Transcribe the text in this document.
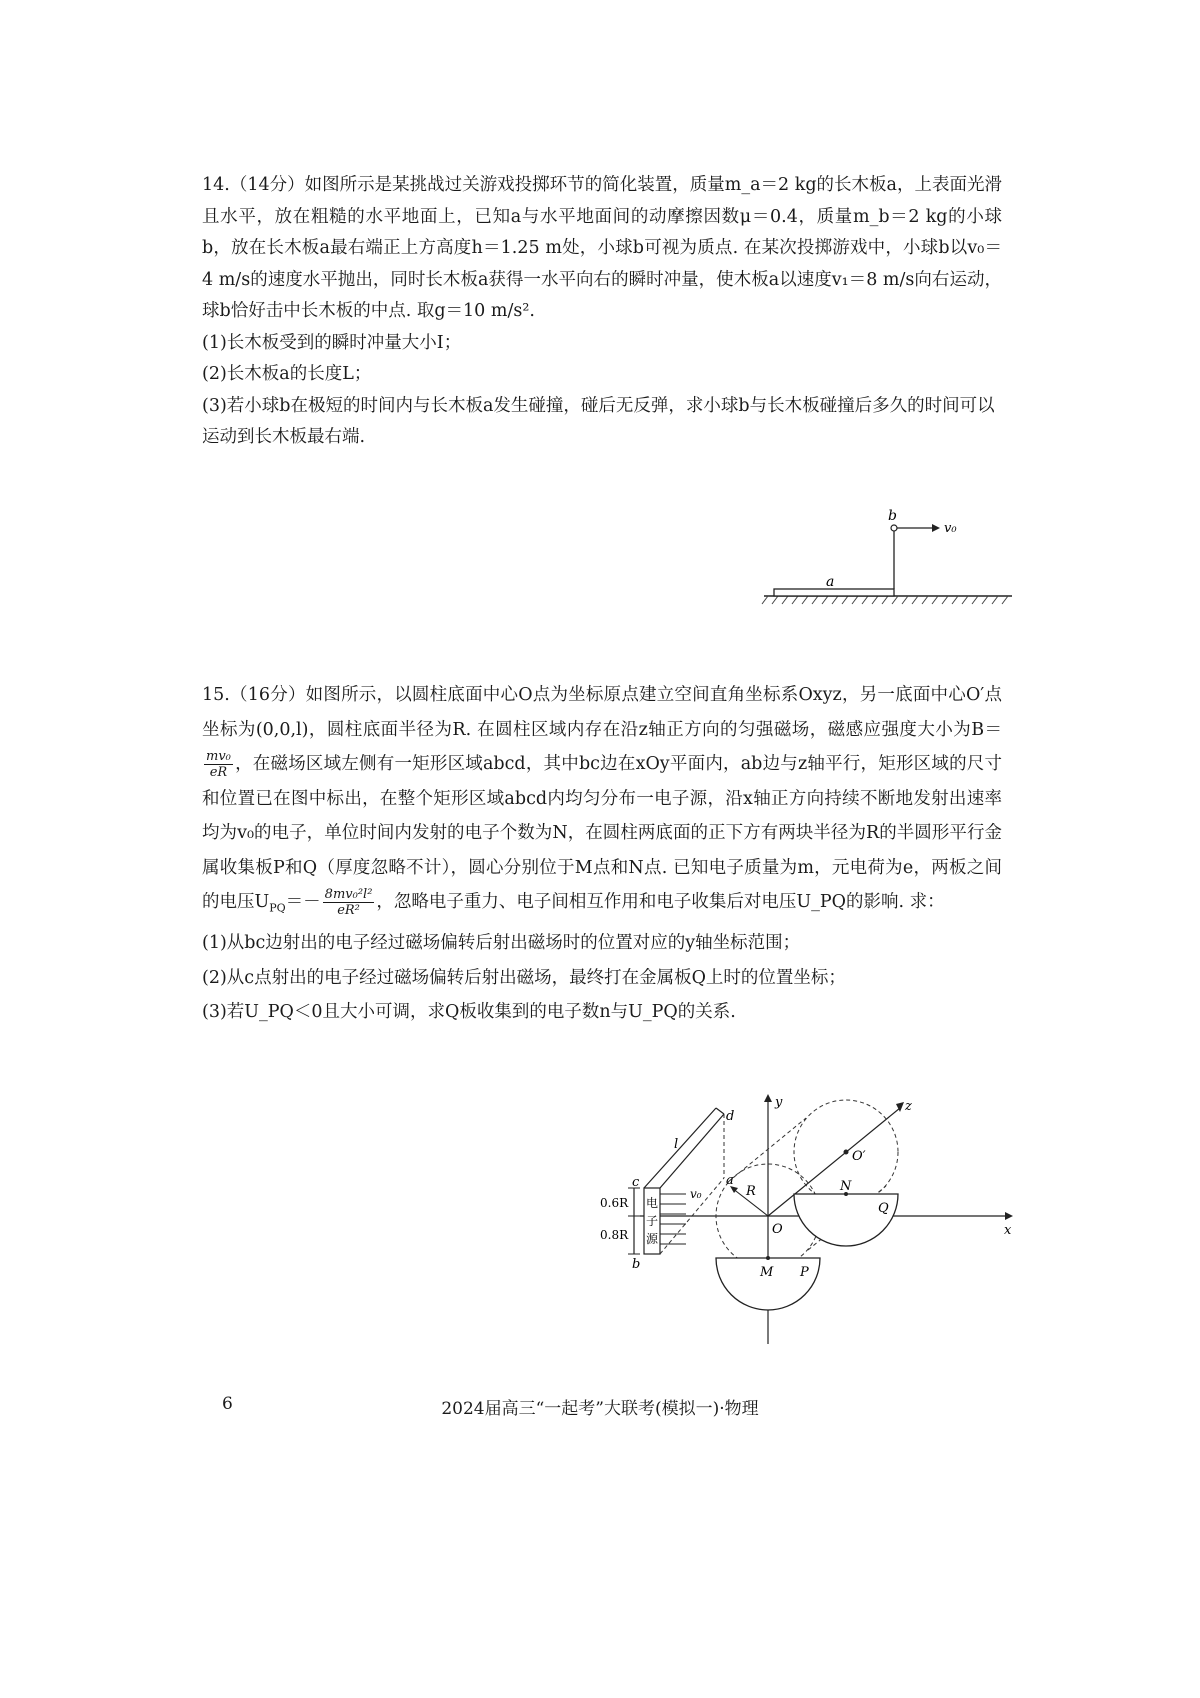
14.（14分）如图所示是某挑战过关游戏投掷环节的简化装置，质量m_a＝2 kg的长木板a，上表面光滑且水平，放在粗糙的水平地面上，已知a与水平地面间的动摩擦因数μ＝0.4，质量m_b＝2 kg的小球b，放在长木板a最右端正上方高度h＝1.25 m处，小球b可视为质点. 在某次投掷游戏中，小球b以v₀＝4 m/s的速度水平抛出，同时长木板a获得一水平向右的瞬时冲量，使木板a以速度v₁＝8 m/s向右运动，球b恰好击中长木板的中点. 取g＝10 m/s².

(1)长木板受到的瞬时冲量大小I；

(2)长木板a的长度L；

(3)若小球b在极短的时间内与长木板a发生碰撞，碰后无反弹，求小球b与长木板碰撞后多久的时间可以运动到长木板最右端.

a
b
v₀

15.（16分）如图所示，以圆柱底面中心O点为坐标原点建立空间直角坐标系Oxyz，另一底面中心O′点坐标为(0,0,l)，圆柱底面半径为R. 在圆柱区域内存在沿z轴正方向的匀强磁场，磁感应强度大小为B＝
$\frac{\text{mv₀}}{eR}$ ，在磁场区域左侧有一矩形区域abcd，其中bc边在xOy平面内，ab边与z轴平行，矩形区域的尺寸和位置已在图中标出，在整个矩形区域abcd内均匀分布一电子源，沿x轴正方向持续不断地发射出速率均为v₀的电子，单位时间内发射的电子个数为N，在圆柱两底面的正下方有两块半径为R的半圆形平行金属收集板P和Q（厚度忽略不计），圆心分别位于M点和N点. 已知电子质量为m，元电荷为e，两板之间的电压$U_{PQ}=- \frac{\text{8mv₀²l²}}{\text{eR²}}$ ，忽略电子重力、电子间相互作用和电子收集后对电压U_PQ的影响. 求：

(1)从bc边射出的电子经过磁场偏转后射出磁场时的位置对应的y轴坐标范围；

(2)从c点射出的电子经过磁场偏转后射出磁场，最终打在金属板Q上时的位置坐标；

(3)若U_PQ＜0且大小可调，求Q板收集到的电子数n与U_PQ的关系.

x
y	z
O′
R
O
M P
N
Q
0.6R
0.8R
电
子
源
v₀
d
l
a
c
b
6	2024届高三“一起考”大联考(模拟一)·物理
